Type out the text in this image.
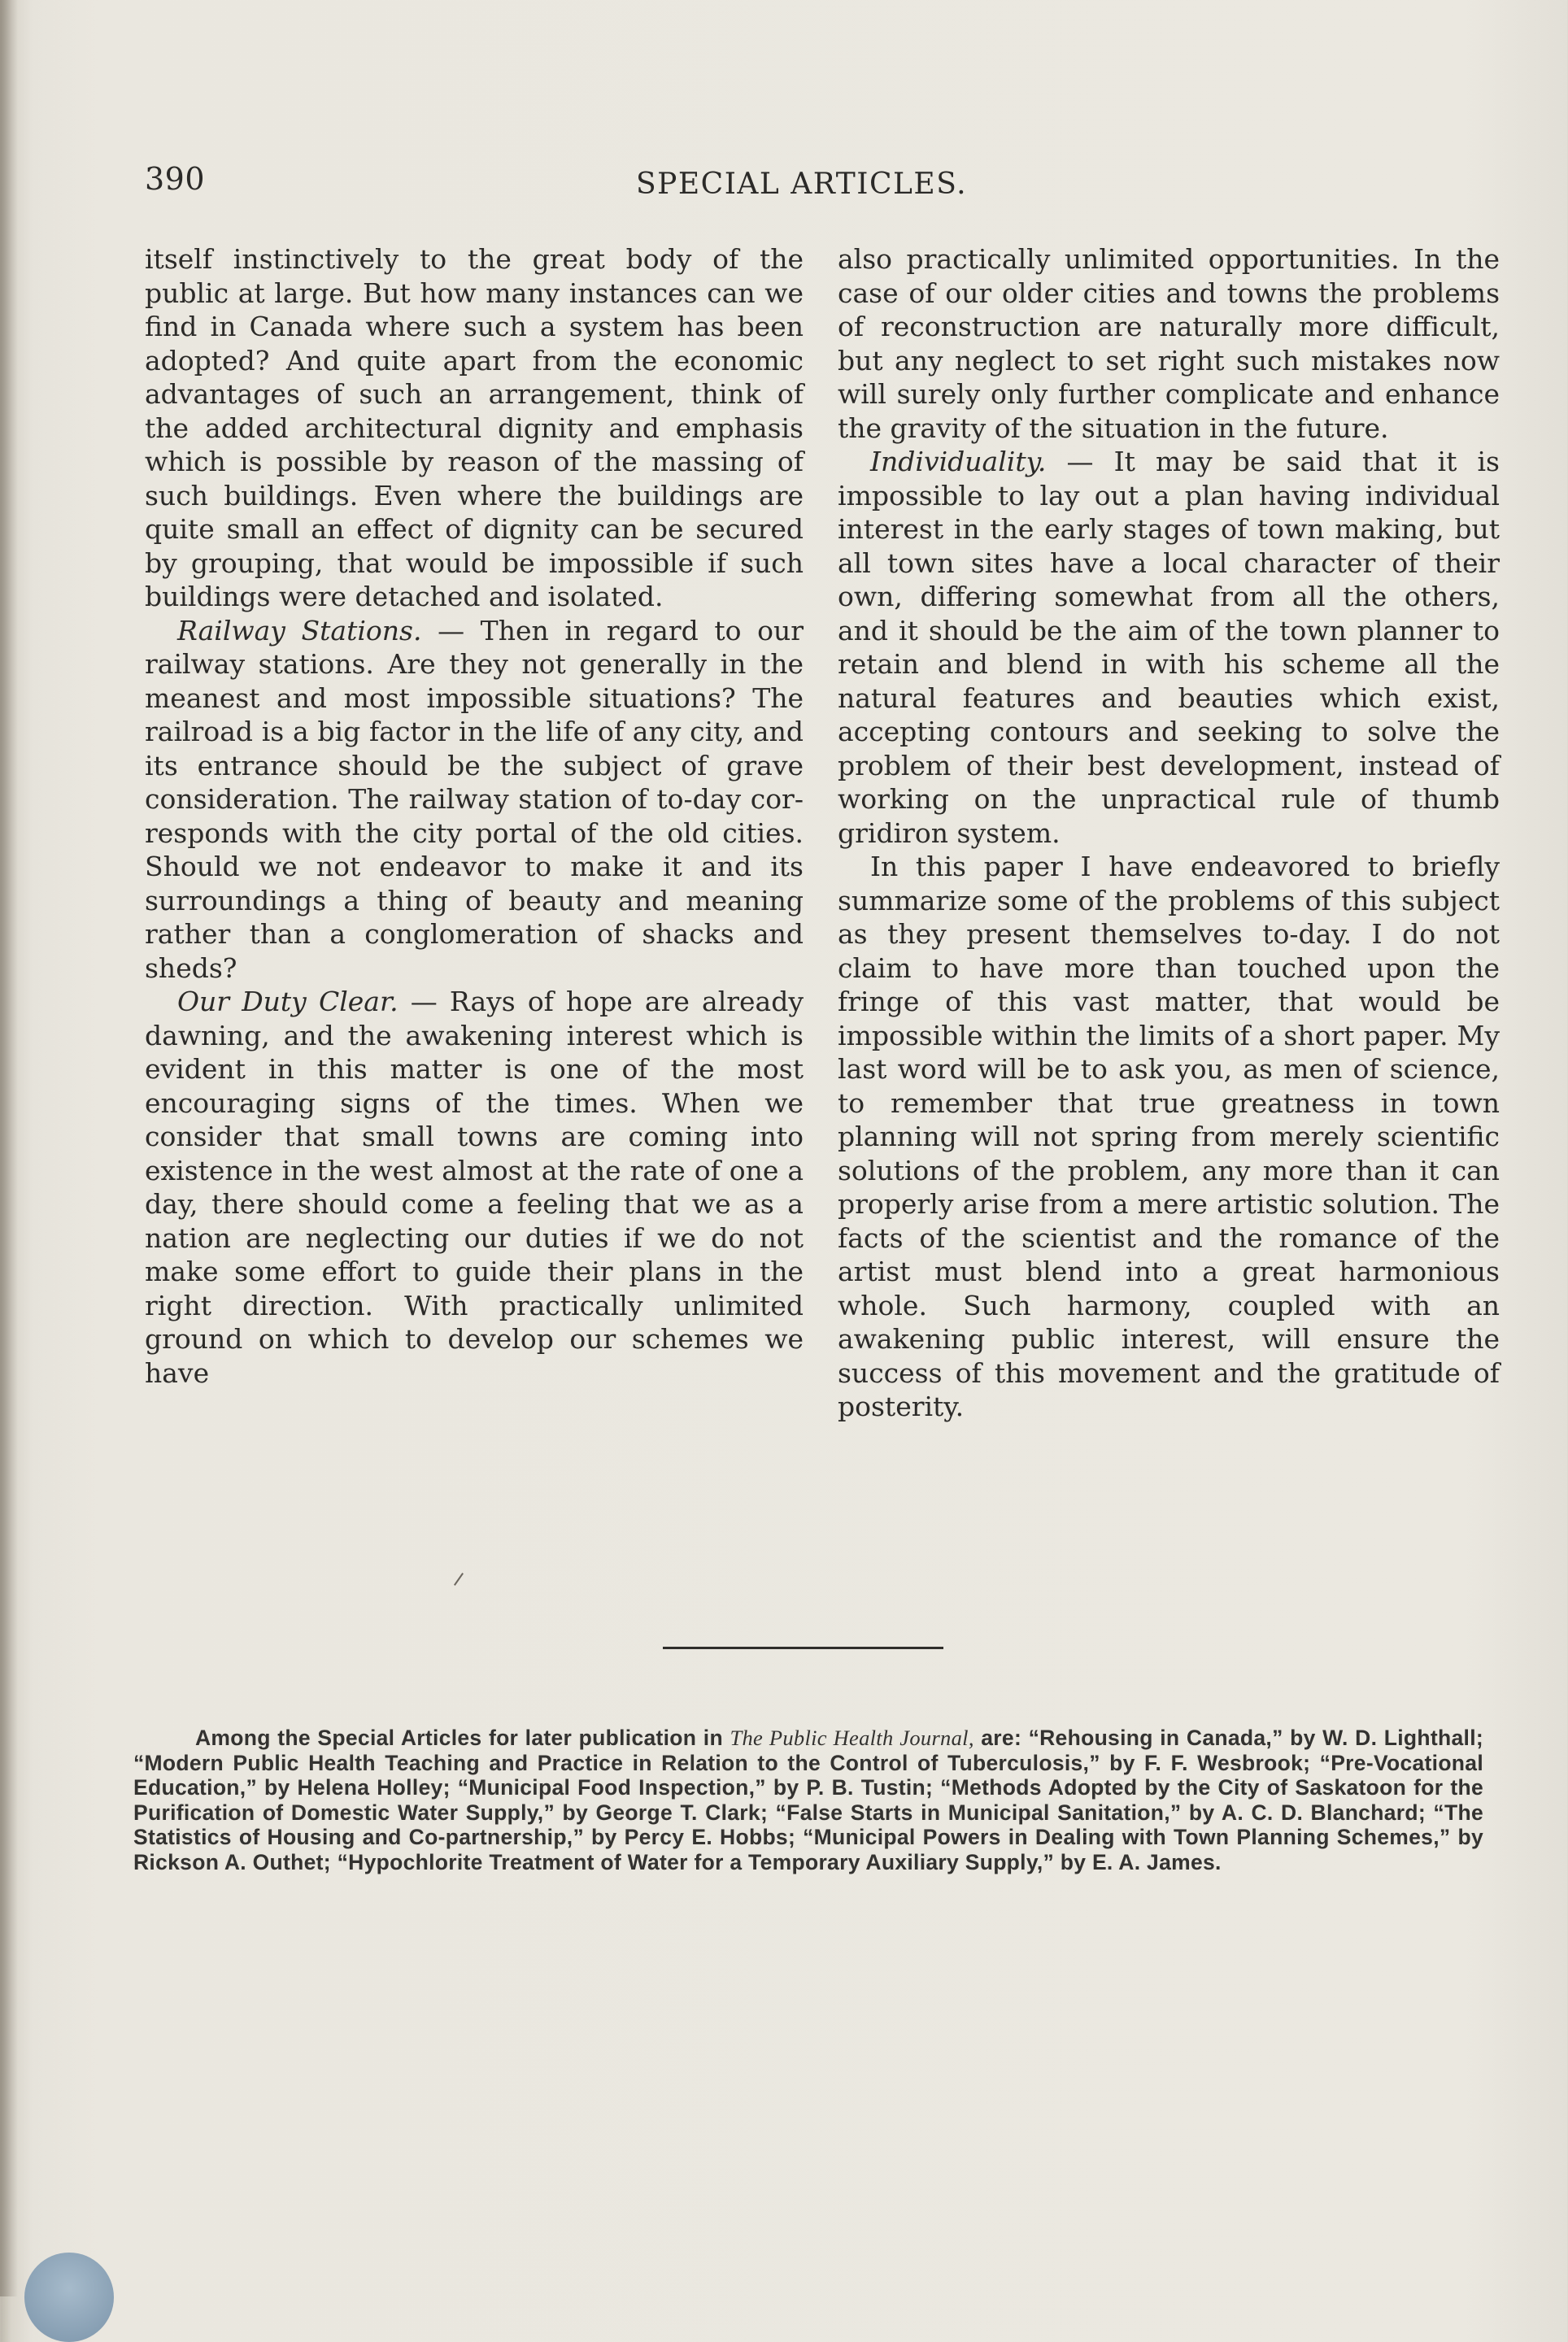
390	SPECIAL ARTICLES.

itself instinctively to the great body of the public at large. But how many instances can we find in Canada where such a system has been adopted? And quite apart from the economic advantages of such an arrangement, think of the added architectural dignity and emphasis which is possible by reason of the massing of such buildings. Even where the buildings are quite small an effect of dignity can be secured by grouping, that would be impossible if such buildings were detached and isolated.

Railway Stations. — Then in regard to our railway stations. Are they not generally in the meanest and most impossible situations? The railroad is a big factor in the life of any city, and its entrance should be the subject of grave consideration. The railway station of to-day corresponds with the city portal of the old cities. Should we not endeavor to make it and its surroundings a thing of beauty and meaning rather than a conglomeration of shacks and sheds?

Our Duty Clear. — Rays of hope are already dawning, and the awakening interest which is evident in this matter is one of the most encouraging signs of the times. When we consider that small towns are coming into existence in the west almost at the rate of one a day, there should come a feeling that we as a nation are neglecting our duties if we do not make some effort to guide their plans in the right direction. With practically unlimited ground on which to develop our schemes we have

also practically unlimited opportunities. In the case of our older cities and towns the problems of reconstruction are naturally more difficult, but any neglect to set right such mistakes now will surely only further complicate and enhance the gravity of the situation in the future.

Individuality. — It may be said that it is impossible to lay out a plan having individual interest in the early stages of town making, but all town sites have a local character of their own, differing somewhat from all the others, and it should be the aim of the town planner to retain and blend in with his scheme all the natural features and beauties which exist, accepting contours and seeking to solve the problem of their best development, instead of working on the unpractical rule of thumb gridiron system.

In this paper I have endeavored to briefly summarize some of the problems of this subject as they present themselves to-day. I do not claim to have more than touched upon the fringe of this vast matter, that would be impossible within the limits of a short paper. My last word will be to ask you, as men of science, to remember that true greatness in town planning will not spring from merely scientific solutions of the problem, any more than it can properly arise from a mere artistic solution. The facts of the scientist and the romance of the artist must blend into a great harmonious whole. Such harmony, coupled with an awakening public interest, will ensure the success of this movement and the gratitude of posterity.

Among the Special Articles for later publication in The Public Health Journal, are: “Rehousing in Canada,” by W. D. Lighthall; “Modern Public Health Teaching and Practice in Relation to the Control of Tuberculosis,” by F. F. Wesbrook; “Pre-Vocational Education,” by Helena Holley; “Municipal Food Inspection,” by P. B. Tustin; “Methods Adopted by the City of Saskatoon for the Purification of Domestic Water Supply,” by George T. Clark; “False Starts in Municipal Sanitation,” by A. C. D. Blanchard; “The Statistics of Housing and Co-partnership,” by Percy E. Hobbs; “Municipal Powers in Dealing with Town Planning Schemes,” by Rickson A. Outhet; “Hypochlorite Treatment of Water for a Temporary Auxiliary Supply,” by E. A. James.
